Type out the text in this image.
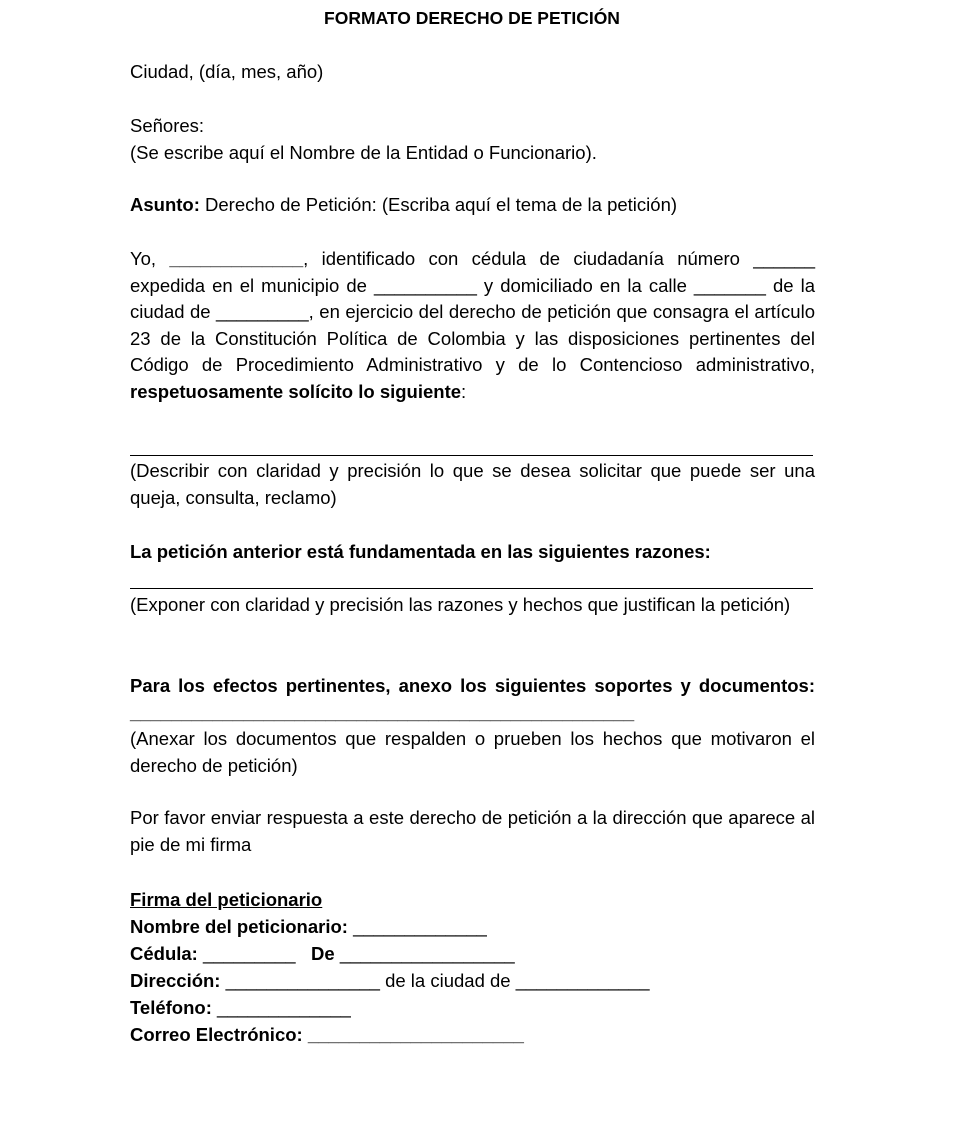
FORMATO DERECHO DE PETICIÓN
Ciudad, (día, mes, año)
Señores:
(Se escribe aquí el Nombre de la Entidad o Funcionario).
Asunto: Derecho de Petición: (Escriba aquí el tema de la petición)
Yo, _____________, identificado con cédula de ciudadanía número ______ expedida en el municipio de __________ y domiciliado en la calle _______ de la ciudad de _________, en ejercicio del derecho de petición que consagra el artículo 23 de la Constitución Política de Colombia y las disposiciones pertinentes del Código de Procedimiento Administrativo y de lo Contencioso administrativo, respetuosamente solícito lo siguiente:
(Describir con claridad y precisión lo que se desea solicitar que puede ser una queja, consulta, reclamo)
La petición anterior está fundamentada en las siguientes razones:
(Exponer con claridad y precisión las razones y hechos que justifican la petición)
Para los efectos pertinentes, anexo los siguientes soportes y documentos: _________________________________________________
(Anexar los documentos que respalden o prueben los hechos que motivaron el derecho de petición)
Por favor enviar respuesta a este derecho de petición a la dirección que aparece al pie de mi firma
Firma del peticionario
Nombre del peticionario: _____________
Cédula: _________ De _________________
Dirección: _______________ de la ciudad de _____________
Teléfono: _____________
Correo Electrónico: _____________________
